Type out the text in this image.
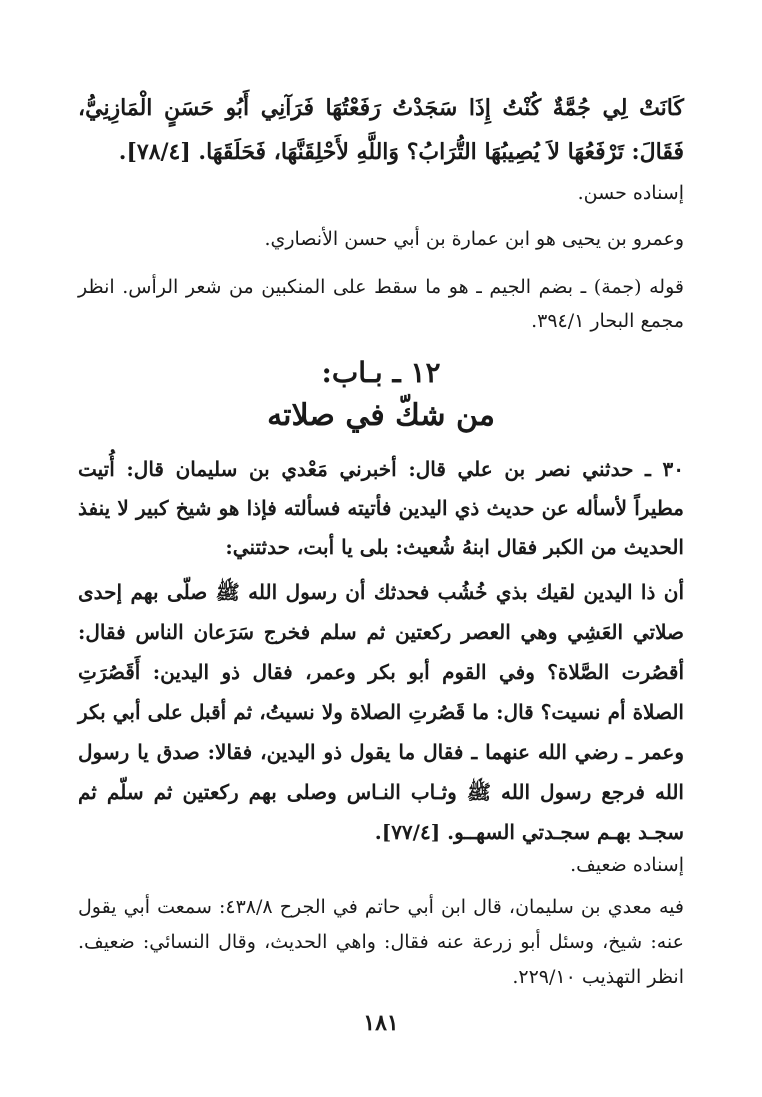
كَانَتْ لِي جُمَّةٌ كُنْتُ إِذَا سَجَدْتُ رَفَعْتُهَا فَرَآنِي أَبُو حَسَنٍ الْمَازِنِيُّ، فَقَالَ: تَرْفَعُهَا لاَ يُصِيبُهَا التُّرَابُ؟ وَاللَّهِ لأَحْلِقَنَّهَا، فَحَلَقَهَا. [٧٨/٤].
إسناده حسن.
وعمرو بن يحيى هو ابن عمارة بن أبي حسن الأنصاري.
قوله (جمة) ـ بضم الجيم ـ هو ما سقط على المنكبين من شعر الرأس. انظر مجمع البحار ٣٩٤/١.
١٢ ـ بـاب:
من شكّ في صلاته
٣٠ ـ حدثني نصر بن علي قال: أخبرني مَعْدي بن سليمان قال: أُتيت مطيراً لأسأله عن حديث ذي اليدين فأتيته فسألته فإذا هو شيخ كبير لا ينفذ الحديث من الكبر فقال ابنهُ شُعيث: بلى يا أبت، حدثتني:
أن ذا اليدين لقيك بذي خُشُب فحدثك أن رسول الله ﷺ صلّى بهم إحدى صلاتي العَشِي وهي العصر ركعتين ثم سلم فخرج سَرَعان الناس فقال: أقصُرت الصَّلاة؟ وفي القوم أبو بكر وعمر، فقال ذو اليدين: أَقَصُرَتِ الصلاة أم نسيت؟ قال: ما قَصُرتِ الصلاة ولا نسيتُ، ثم أقبل على أبي بكر وعمر ـ رضي الله عنهما ـ فقال ما يقول ذو اليدين، فقالا: صدق يا رسول الله فرجع رسول الله ﷺ وثـاب النـاس وصلى بهم ركعتين ثم سلّم ثم سجـد بهـم سجـدتي السهــو. [٧٧/٤].
إسناده ضعيف.
فيه معدي بن سليمان، قال ابن أبي حاتم في الجرح ٤٣٨/٨: سمعت أبي يقول عنه: شيخ، وسئل أبو زرعة عنه فقال: واهي الحديث، وقال النسائي: ضعيف. انظر التهذيب ٢٢٩/١٠.
١٨١
